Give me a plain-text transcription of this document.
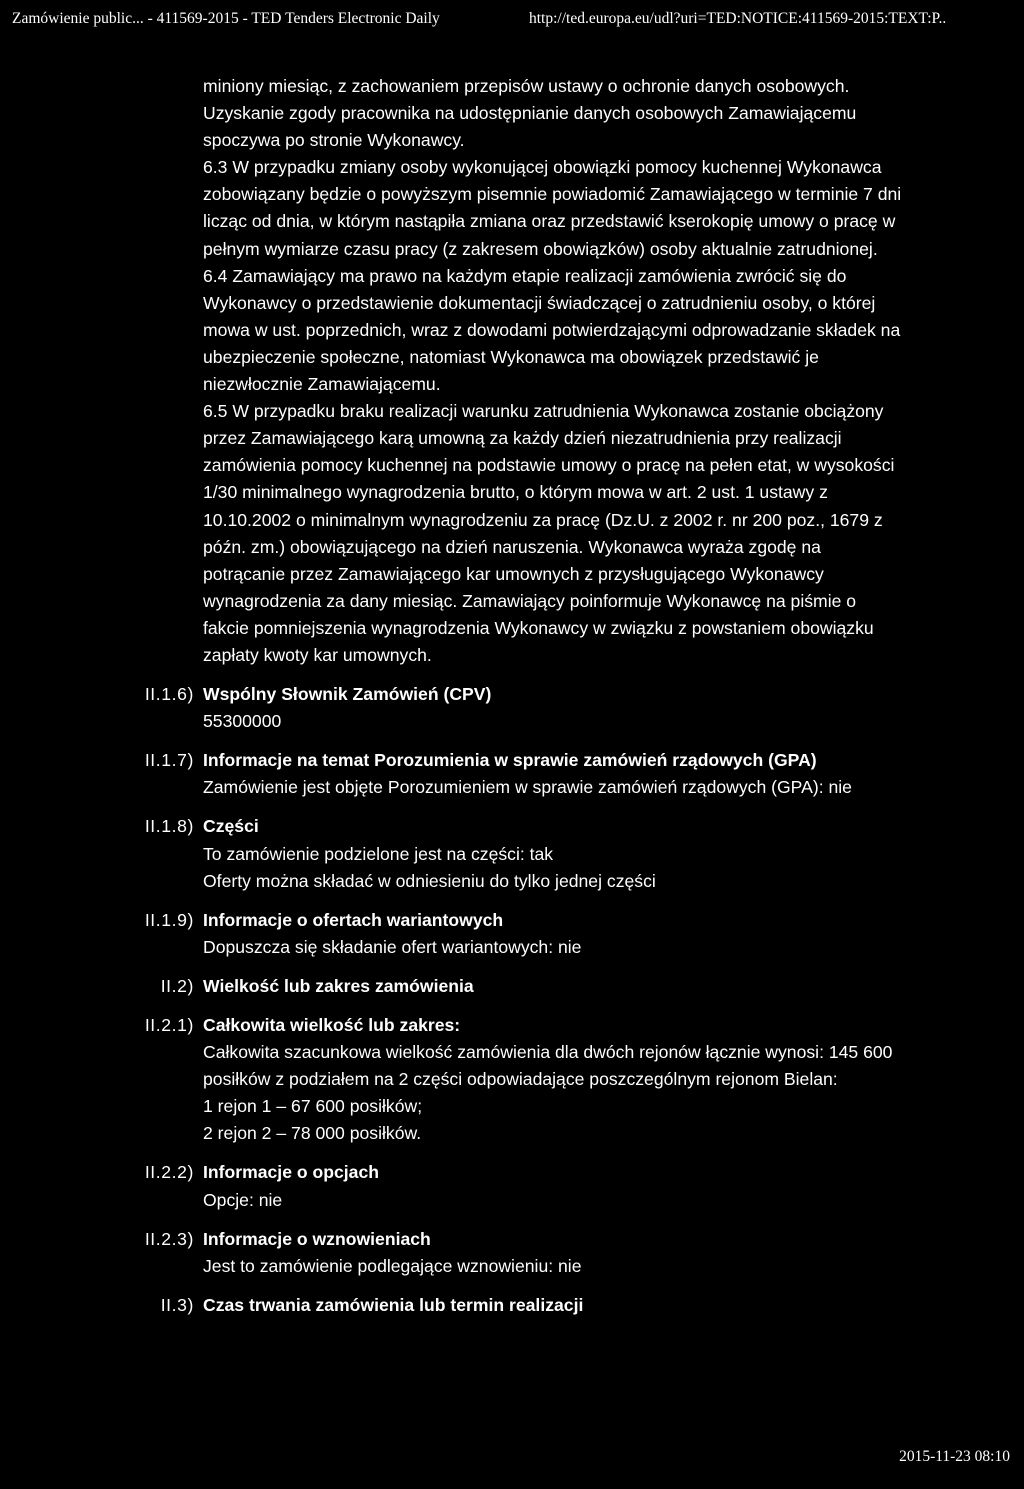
Zamówienie public... - 411569-2015 - TED Tenders Electronic Daily	http://ted.europa.eu/udl?uri=TED:NOTICE:411569-2015:TEXT:P..

miniony miesiąc, z zachowaniem przepisów ustawy o ochronie danych osobowych. Uzyskanie zgody pracownika na udostępnianie danych osobowych Zamawiającemu spoczywa po stronie Wykonawcy.

6.3 W przypadku zmiany osoby wykonującej obowiązki pomocy kuchennej Wykonawca zobowiązany będzie o powyższym pisemnie powiadomić Zamawiającego w terminie 7 dni licząc od dnia, w którym nastąpiła zmiana oraz przedstawić kserokopię umowy o pracę w pełnym wymiarze czasu pracy (z zakresem obowiązków) osoby aktualnie zatrudnionej.

6.4 Zamawiający ma prawo na każdym etapie realizacji zamówienia zwrócić się do Wykonawcy o przedstawienie dokumentacji świadczącej o zatrudnieniu osoby, o której mowa w ust. poprzednich, wraz z dowodami potwierdzającymi odprowadzanie składek na ubezpieczenie społeczne, natomiast Wykonawca ma obowiązek przedstawić je niezwłocznie Zamawiającemu.

6.5 W przypadku braku realizacji warunku zatrudnienia Wykonawca zostanie obciążony przez Zamawiającego karą umowną za każdy dzień niezatrudnienia przy realizacji zamówienia pomocy kuchennej na podstawie umowy o pracę na pełen etat, w wysokości 1/30 minimalnego wynagrodzenia brutto, o którym mowa w art. 2 ust. 1 ustawy z 10.10.2002 o minimalnym wynagrodzeniu za pracę (Dz.U. z 2002 r. nr 200 poz., 1679 z późn. zm.) obowiązującego na dzień naruszenia. Wykonawca wyraża zgodę na potrącanie przez Zamawiającego kar umownych z przysługującego Wykonawcy wynagrodzenia za dany miesiąc. Zamawiający poinformuje Wykonawcę na piśmie o fakcie pomniejszenia wynagrodzenia Wykonawcy w związku z powstaniem obowiązku zapłaty kwoty kar umownych.

II.1.6) Wspólny Słownik Zamówień (CPV)

55300000

II.1.7) Informacje na temat Porozumienia w sprawie zamówień rządowych (GPA)

Zamówienie jest objęte Porozumieniem w sprawie zamówień rządowych (GPA): nie

II.1.8) Części

To zamówienie podzielone jest na części: tak

Oferty można składać w odniesieniu do tylko jednej części

II.1.9) Informacje o ofertach wariantowych

Dopuszcza się składanie ofert wariantowych: nie

II.2) Wielkość lub zakres zamówienia
II.2.1) Całkowita wielkość lub zakres:

Całkowita szacunkowa wielkość zamówienia dla dwóch rejonów łącznie wynosi: 145 600 posiłków z podziałem na 2 części odpowiadające poszczególnym rejonom Bielan:

1 rejon 1 – 67 600 posiłków;

2 rejon 2 – 78 000 posiłków.

II.2.2) Informacje o opcjach

Opcje: nie

II.2.3) Informacje o wznowieniach

Jest to zamówienie podlegające wznowieniu: nie

II.3) Czas trwania zamówienia lub termin realizacji
2015-11-23 08:10
